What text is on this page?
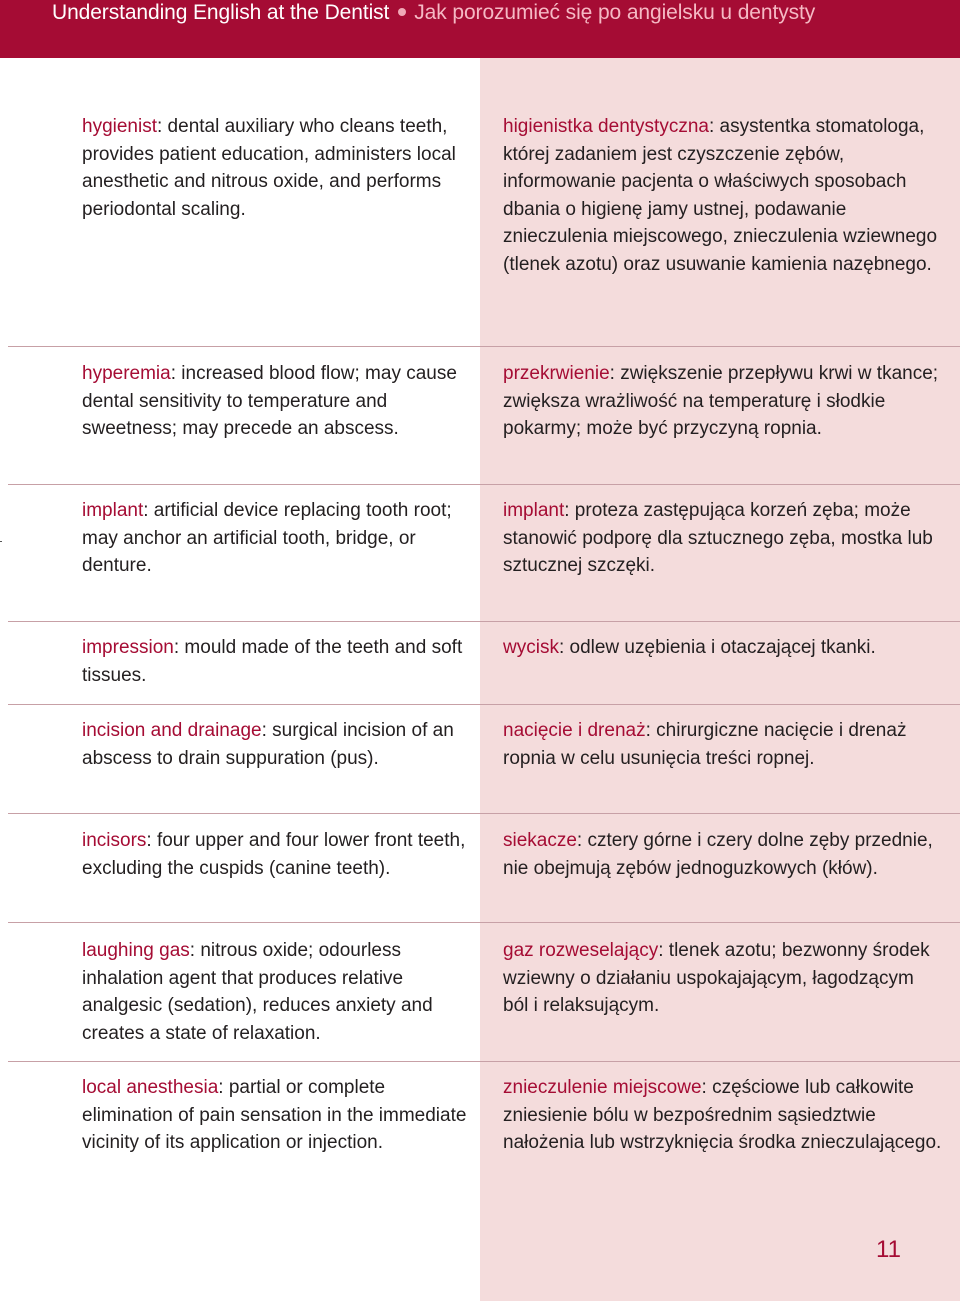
Understanding English at the Dentist Jak porozumieć się po angielsku u dentysty

hygienist: dental auxiliary who cleans teeth, provides patient education, administers local anesthetic and nitrous oxide, and performs periodontal scaling.

higienistka dentystyczna: asystentka stomatologa, której zadaniem jest czyszczenie zębów, informowanie pacjenta o właściwych sposobach dbania o higienę jamy ustnej, podawanie znieczulenia miejscowego, znieczulenia wziewnego (tlenek azotu) oraz usuwanie kamienia nazębnego.

hyperemia: increased blood flow; may cause dental sensitivity to temperature and sweetness; may precede an abscess.

przekrwienie: zwiększenie przepływu krwi w tkance; zwiększa wrażliwość na temperaturę i słodkie pokarmy; może być przyczyną ropnia.

implant: artificial device replacing tooth root; may anchor an artificial tooth, bridge, or denture.

implant: proteza zastępująca korzeń zęba; może stanowić podporę dla sztucznego zęba, mostka lub sztucznej szczęki.

impression: mould made of the teeth and soft tissues.

wycisk: odlew uzębienia i otaczającej tkanki.

incision and drainage: surgical incision of an abscess to drain suppuration (pus).

nacięcie i drenaż: chirurgiczne nacięcie i drenaż ropnia w celu usunięcia treści ropnej.

incisors: four upper and four lower front teeth, excluding the cuspids (canine teeth).

siekacze: cztery górne i czery dolne zęby przednie, nie obejmują zębów jednoguzkowych (kłów).

laughing gas: nitrous oxide; odourless inhalation agent that produces relative analgesic (sedation), reduces anxiety and creates a state of relaxation.

gaz rozweselający: tlenek azotu; bezwonny środek wziewny o działaniu uspokajającym, łagodzącym ból i relaksującym.

local anesthesia: partial or complete elimination of pain sensation in the immediate vicinity of its application or injection.

znieczulenie miejscowe: częściowe lub całkowite zniesienie bólu w bezpośrednim sąsiedztwie nałożenia lub wstrzyknięcia środka znieczulającego.

11
